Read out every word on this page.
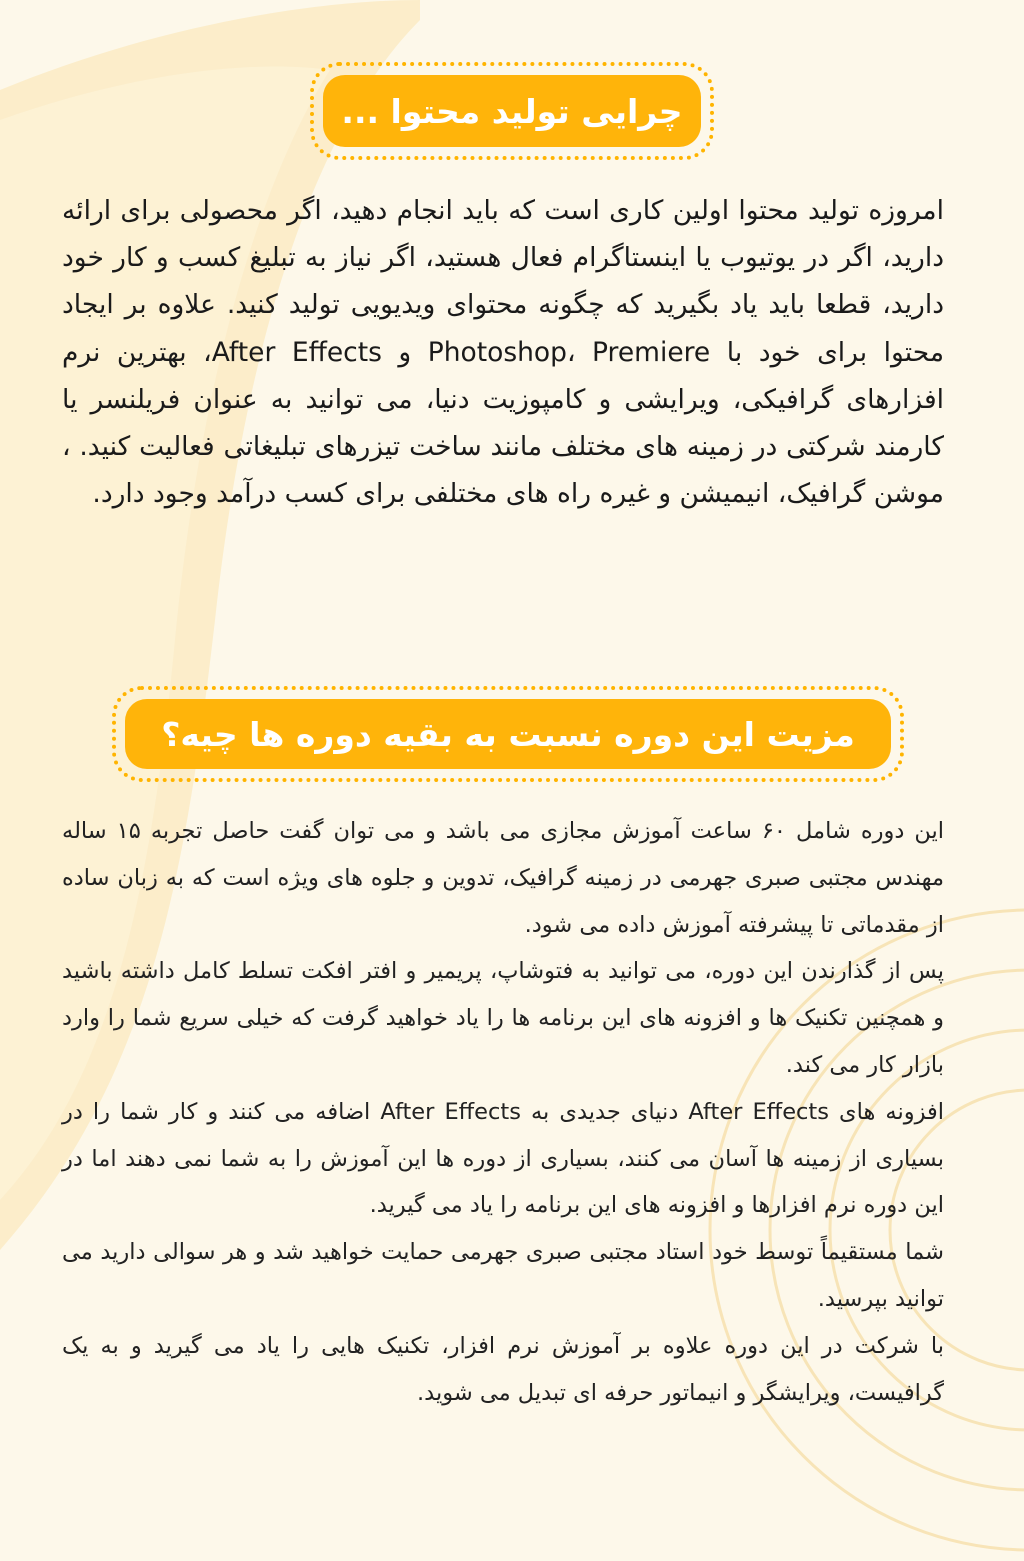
چرایی تولید محتوا ...
امروزه تولید محتوا اولین کاری است که باید انجام دهید، اگر محصولی برای ارائه دارید، اگر در یوتیوب یا اینستاگرام فعال هستید، اگر نیاز به تبلیغ کسب و کار خود دارید، قطعا باید یاد بگیرید که چگونه محتوای ویدیویی تولید کنید. علاوه بر ایجاد محتوا برای خود با Photoshop، Premiere و After Effects، بهترین نرم افزارهای گرافیکی، ویرایشی و کامپوزیت دنیا، می توانید به عنوان فریلنسر یا کارمند شرکتی در زمینه های مختلف مانند ساخت تیزرهای تبلیغاتی فعالیت کنید. ، موشن گرافیک، انیمیشن و غیره راه های مختلفی برای کسب درآمد وجود دارد.
مزیت این دوره نسبت به بقیه دوره ها چیه؟

این دوره شامل ۶۰ ساعت آموزش مجازی می باشد و می توان گفت حاصل تجربه ۱۵ ساله مهندس مجتبی صبری جهرمی در زمینه گرافیک، تدوین و جلوه های ویژه است که به زبان ساده از مقدماتی تا پیشرفته آموزش داده می شود.

پس از گذارندن این دوره، می توانید به فتوشاپ، پریمیر و افتر افکت تسلط کامل داشته باشید و همچنین تکنیک ها و افزونه های این برنامه ها را یاد خواهید گرفت که خیلی سریع شما را وارد بازار کار می کند.

افزونه های After Effects دنیای جدیدی به After Effects اضافه می کنند و کار شما را در بسیاری از زمینه ها آسان می کنند، بسیاری از دوره ها این آموزش را به شما نمی دهند اما در این دوره نرم افزارها و افزونه های این برنامه را یاد می گیرید.

شما مستقیماً توسط خود استاد مجتبی صبری جهرمی حمایت خواهید شد و هر سوالی دارید می توانید بپرسید.

با شرکت در این دوره علاوه بر آموزش نرم افزار، تکنیک هایی را یاد می گیرید و به یک گرافیست، ویرایشگر و انیماتور حرفه ای تبدیل می شوید.
